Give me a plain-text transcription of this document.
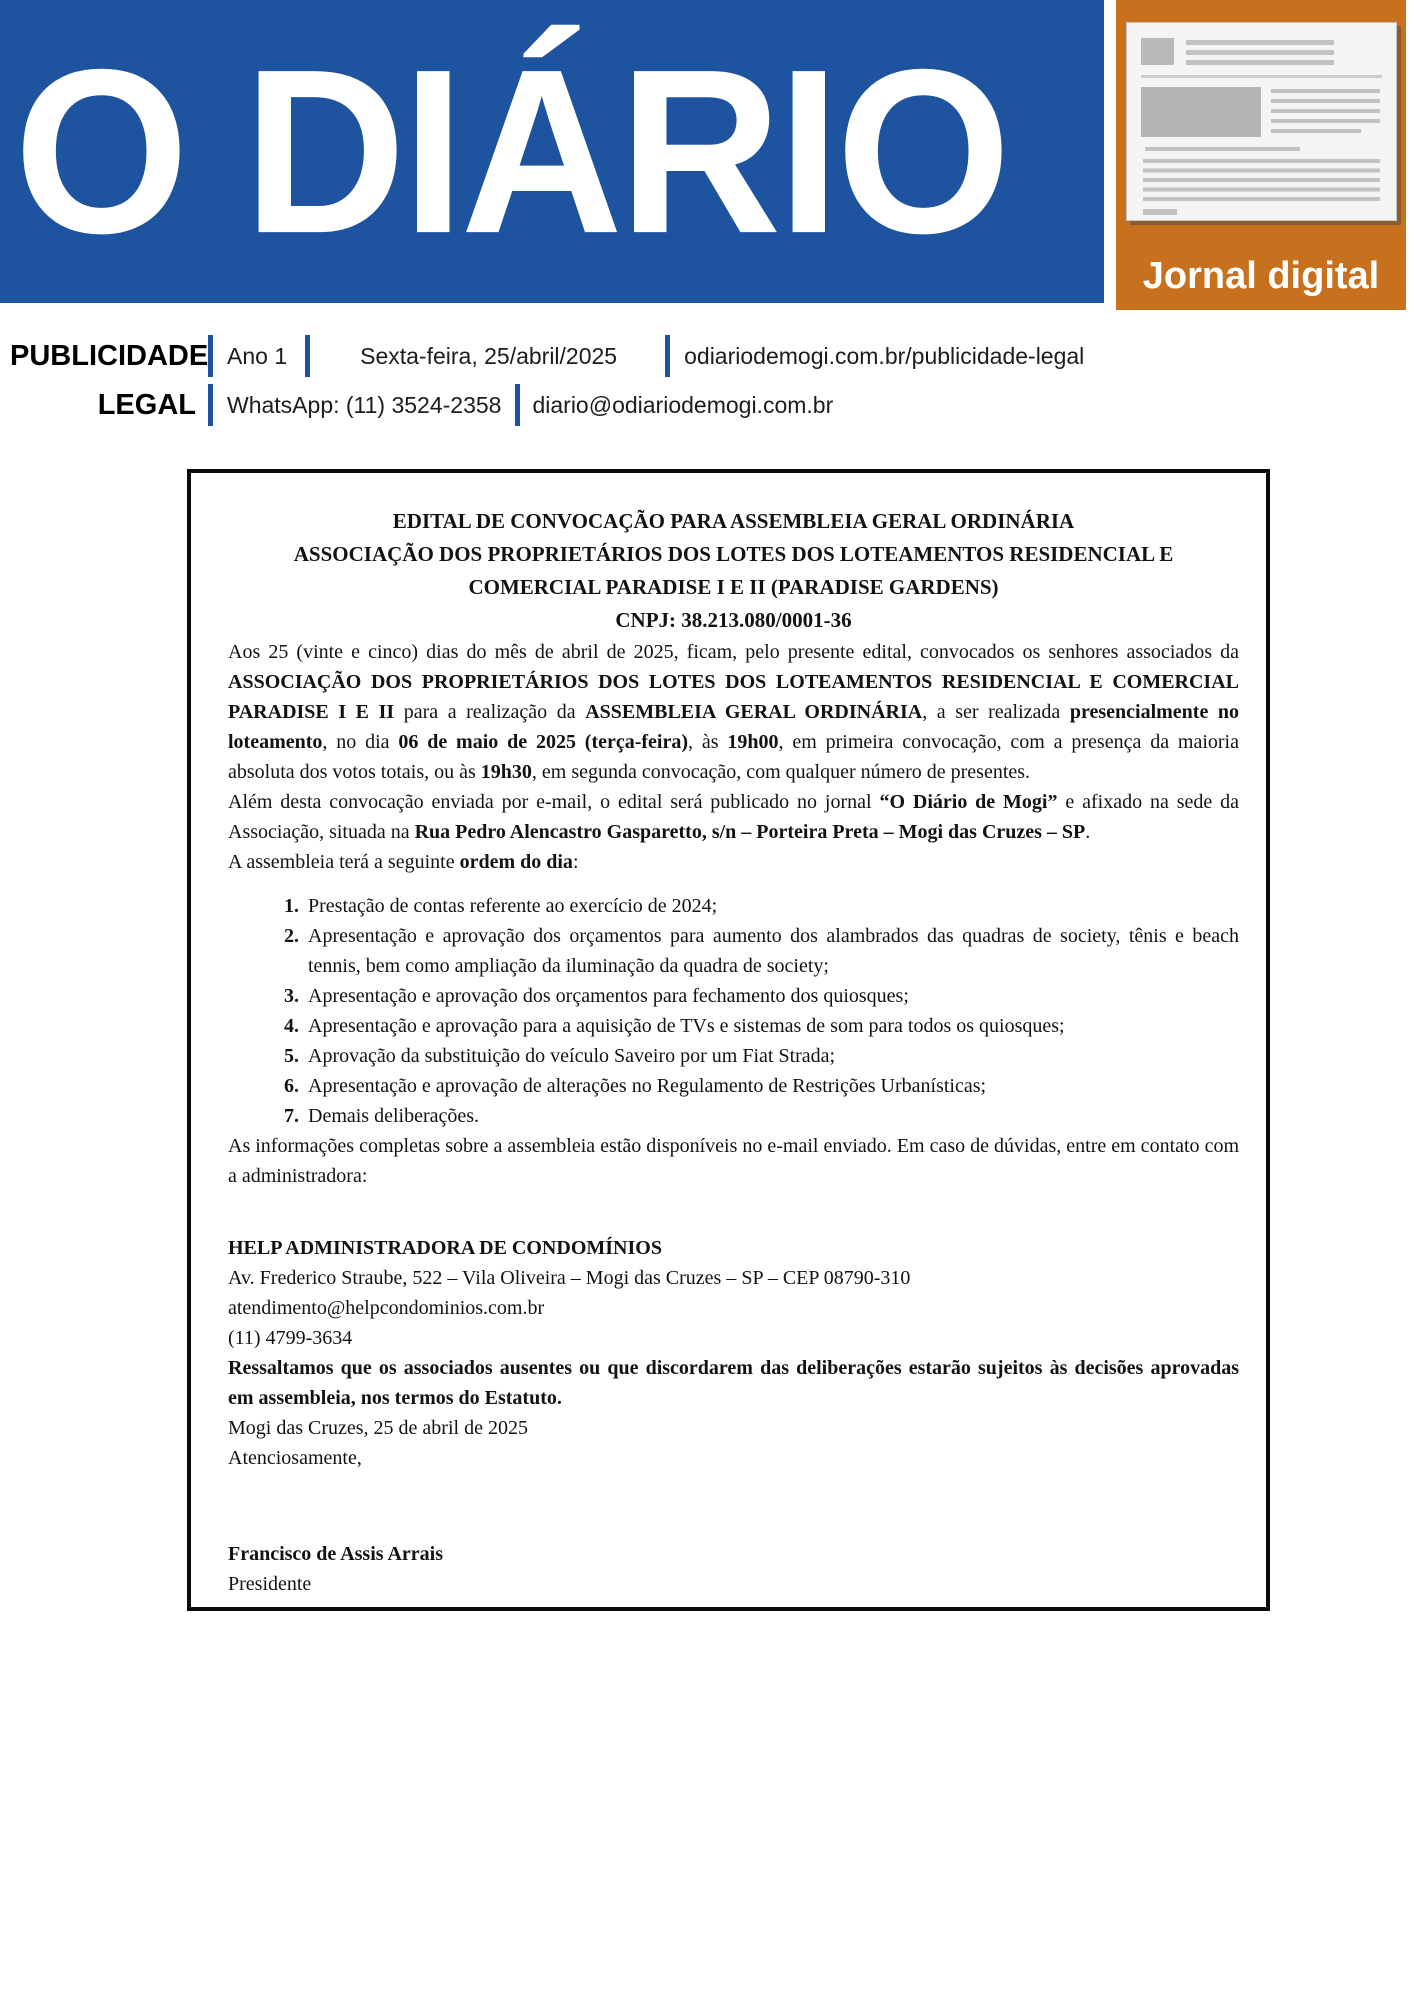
O DIÁRIO	Jornal digital
PUBLICIDADE Ano 1	Sexta-feira, 25/abril/2025	odiariodemogi.com.br/publicidade-legal
LEGAL WhatsApp: (11) 3524-2358 diario@odiariodemogi.com.br
EDITAL DE CONVOCAÇÃO PARA ASSEMBLEIA GERAL ORDINÁRIA
ASSOCIAÇÃO DOS PROPRIETÁRIOS DOS LOTES DOS LOTEAMENTOS RESIDENCIAL E
COMERCIAL PARADISE I E II (PARADISE GARDENS)
CNPJ: 38.213.080/0001-36

Aos 25 (vinte e cinco) dias do mês de abril de 2025, ficam, pelo presente edital, convocados os senhores associados da ASSOCIAÇÃO DOS PROPRIETÁRIOS DOS LOTES DOS LOTEAMENTOS RESIDENCIAL E COMERCIAL PARADISE I E II para a realização da ASSEMBLEIA GERAL ORDINÁRIA, a ser realizada presencialmente no loteamento, no dia 06 de maio de 2025 (terça-feira), às 19h00, em primeira convocação, com a presença da maioria absoluta dos votos totais, ou às 19h30, em segunda convocação, com qualquer número de presentes.

Além desta convocação enviada por e-mail, o edital será publicado no jornal “O Diário de Mogi” e afixado na sede da Associação, situada na Rua Pedro Alencastro Gasparetto, s/n – Porteira Preta – Mogi das Cruzes – SP.

A assembleia terá a seguinte ordem do dia:

1. Prestação de contas referente ao exercício de 2024;
2. Apresentação e aprovação dos orçamentos para aumento dos alambrados das quadras de society, tênis e beach tennis, bem como ampliação da iluminação da quadra de society;
3. Apresentação e aprovação dos orçamentos para fechamento dos quiosques;
4. Apresentação e aprovação para a aquisição de TVs e sistemas de som para todos os quiosques;
5. Aprovação da substituição do veículo Saveiro por um Fiat Strada;
6. Apresentação e aprovação de alterações no Regulamento de Restrições Urbanísticas;
7. Demais deliberações.

As informações completas sobre a assembleia estão disponíveis no e-mail enviado. Em caso de dúvidas, entre em contato com a administradora:

HELP ADMINISTRADORA DE CONDOMÍNIOS
Av. Frederico Straube, 522 – Vila Oliveira – Mogi das Cruzes – SP – CEP 08790-310
atendimento@helpcondominios.com.br
(11) 4799-3634

Ressaltamos que os associados ausentes ou que discordarem das deliberações estarão sujeitos às decisões aprovadas em assembleia, nos termos do Estatuto.

Mogi das Cruzes, 25 de abril de 2025

Atenciosamente,

Francisco de Assis Arrais
Presidente
